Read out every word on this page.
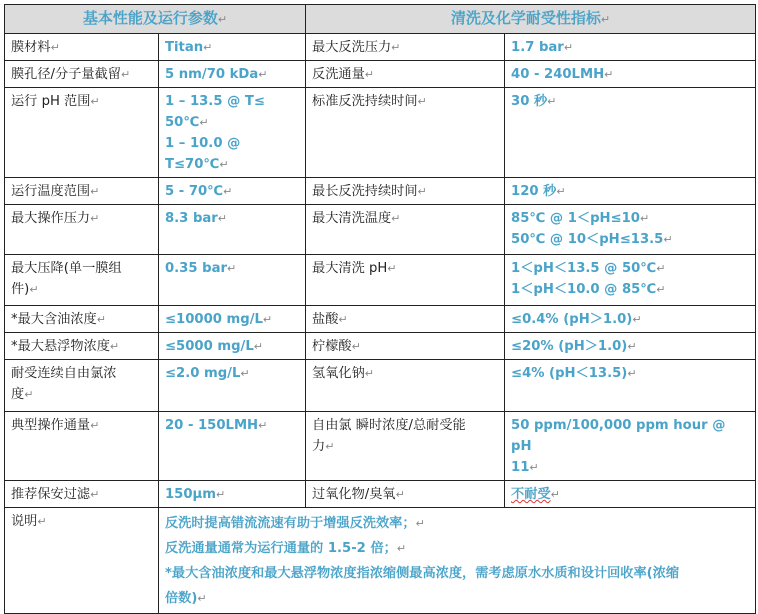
基本性能及运行参数↵		清洗及化学耐受性指标↵	
膜材料↵	Titan↵	最大反洗压力↵	1.7 bar↵
膜孔径/分子量截留↵	5 nm/70 kDa↵	反洗通量↵	40 - 240LMH↵
运行 pH 范围↵	1 – 13.5 @ T≤
50℃↵
1 – 10.0 @ T≤70℃↵	标准反洗持续时间↵	30 秒↵
运行温度范围↵	5 - 70℃↵	最长反洗持续时间↵	120 秒↵
最大操作压力↵	8.3 bar↵	最大清洗温度↵	85℃ @ 1＜pH≤10↵
50℃ @ 10＜pH≤13.5↵

最大压降(单一膜组
件)↵	0.35 bar↵	最大清洗 pH↵	1＜pH＜13.5 @ 50℃↵
1＜pH＜10.0 @ 85℃↵

*最大含油浓度↵	≤10000 mg/L↵	盐酸↵	≤0.4% (pH＞1.0)↵
*最大悬浮物浓度↵	≤5000 mg/L↵	柠檬酸↵	≤20% (pH＞1.0)↵

耐受连续自由氯浓
度↵	≤2.0 mg/L↵	氢氧化钠↵	≤4% (pH＜13.5)↵
典型操作通量↵	20 - 150LMH↵	自由氯 瞬时浓度/总耐受能
力↵	50 ppm/100,000 ppm hour @ pH
11↵

推荐保安过滤↵	150μm↵	过氧化物/臭氧↵	不耐受↵
说明↵	反洗时提高错流流速有助于增强反洗效率；↵
反洗通量通常为运行通量的 1.5-2 倍；↵
*最大含油浓度和最大悬浮物浓度指浓缩侧最高浓度，需考虑原水水质和设计回收率(浓缩
倍数)↵		
